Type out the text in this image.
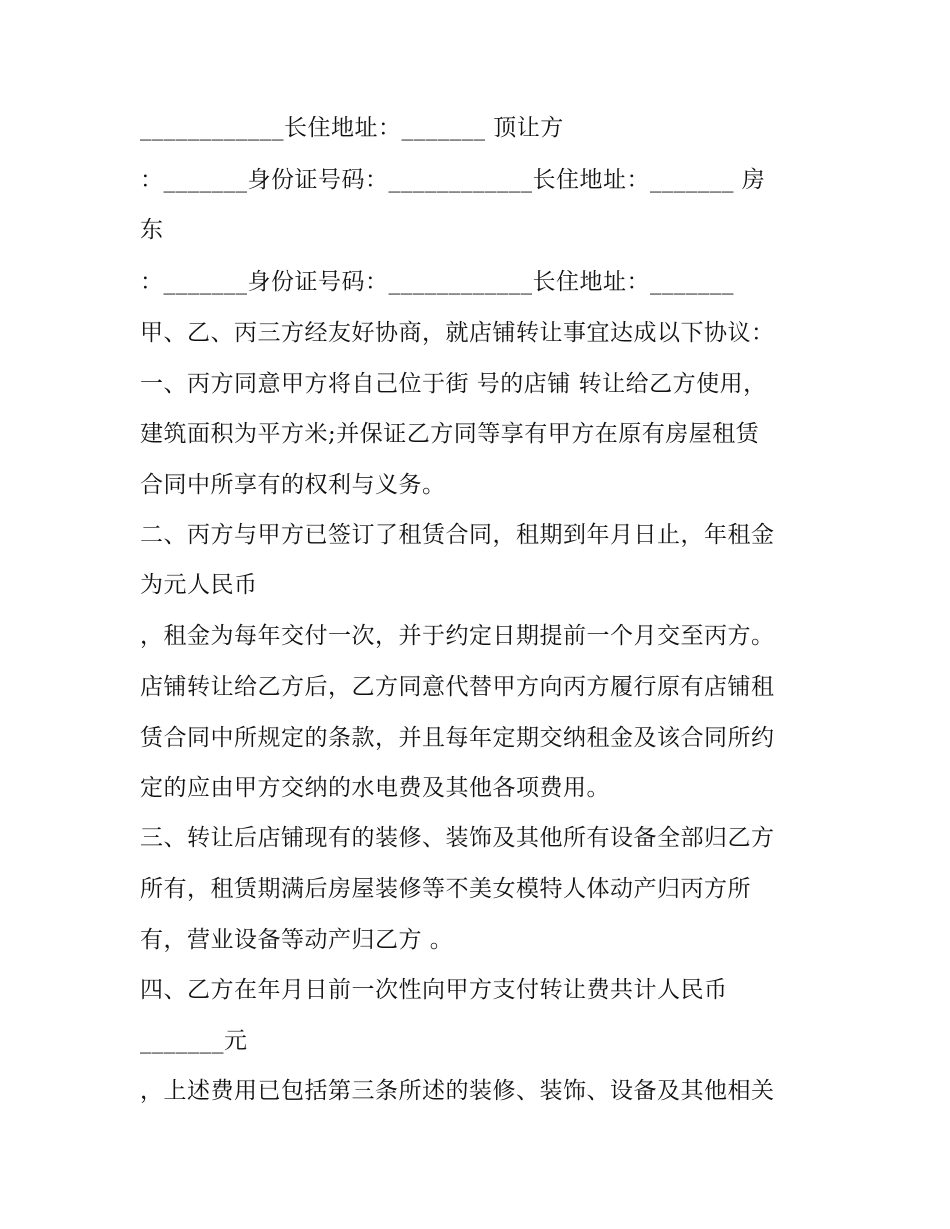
____________长住地址：_______ 顶让方
：_______身份证号码：____________长住地址：_______ 房
东
：_______身份证号码：____________长住地址：_______
甲、乙、丙三方经友好协商，就店铺转让事宜达成以下协议：
一、丙方同意甲方将自己位于街 号的店铺 转让给乙方使用，
建筑面积为平方米;并保证乙方同等享有甲方在原有房屋租赁
合同中所享有的权利与义务。
二、丙方与甲方已签订了租赁合同，租期到年月日止，年租金
为元人民币
，租金为每年交付一次，并于约定日期提前一个月交至丙方。
店铺转让给乙方后，乙方同意代替甲方向丙方履行原有店铺租
赁合同中所规定的条款，并且每年定期交纳租金及该合同所约
定的应由甲方交纳的水电费及其他各项费用。
三、转让后店铺现有的装修、装饰及其他所有设备全部归乙方
所有，租赁期满后房屋装修等不美女模特人体动产归丙方所
有，营业设备等动产归乙方 。
四、乙方在年月日前一次性向甲方支付转让费共计人民币
_______元
，上述费用已包括第三条所述的装修、装饰、设备及其他相关
